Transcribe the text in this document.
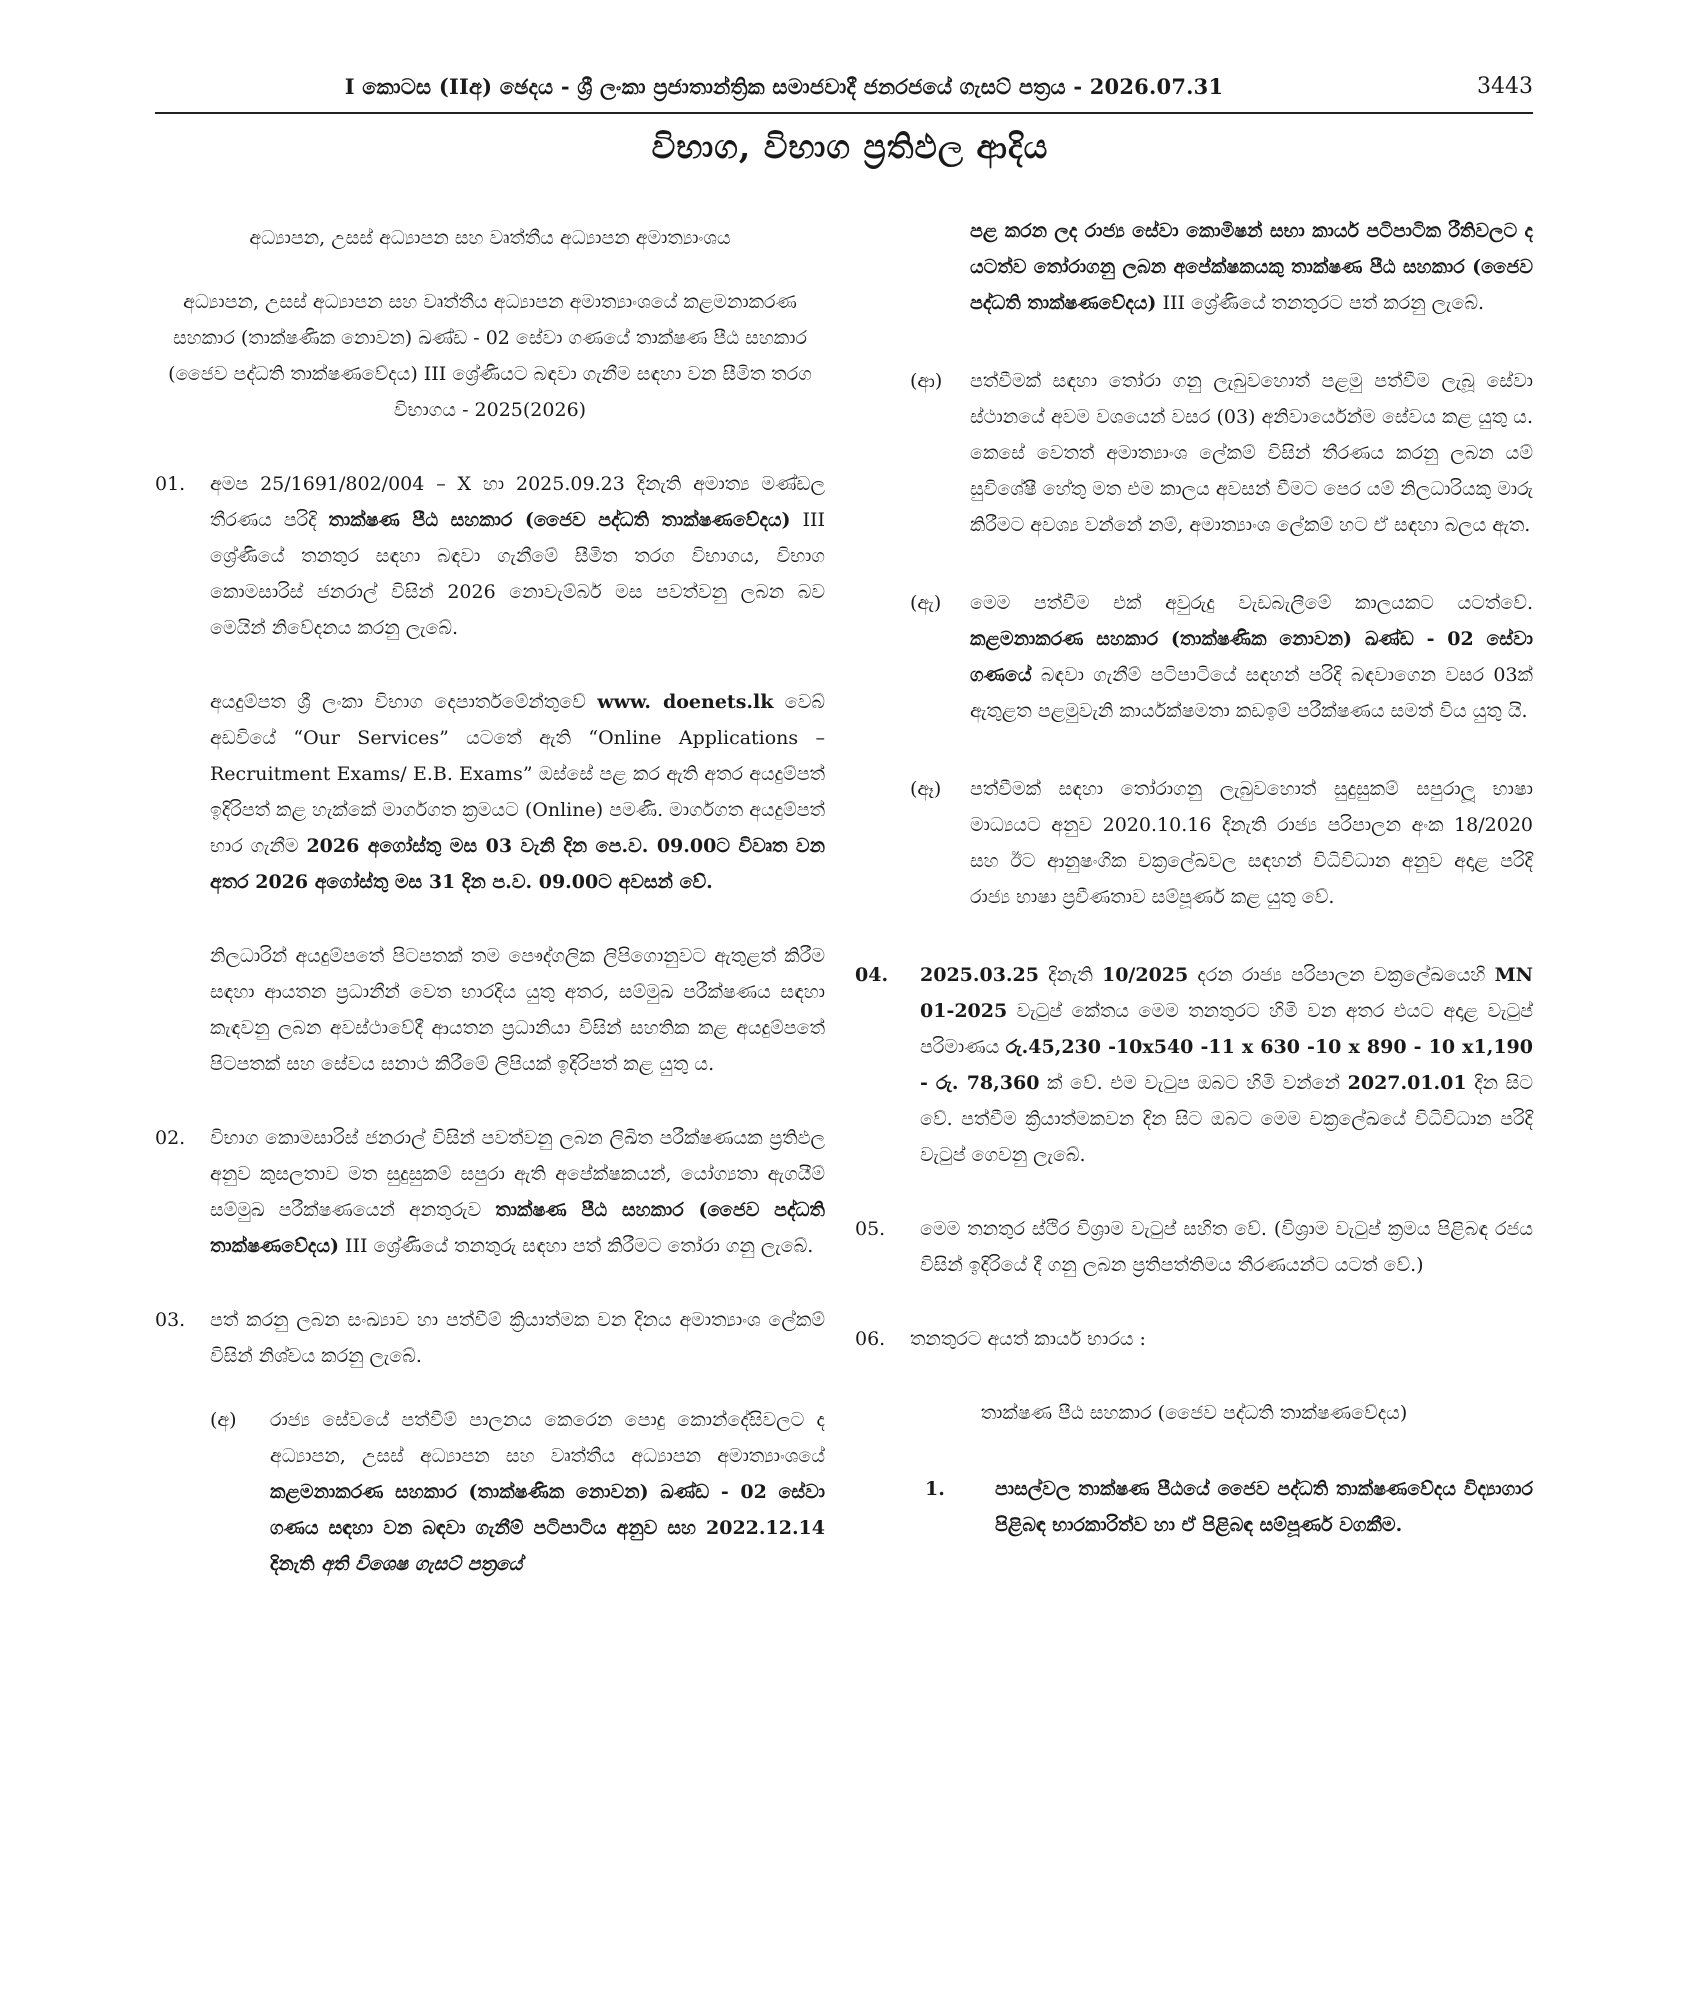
I කොටස (IIඅ) ඡෙදය - ශ්‍රී ලංකා ප්‍රජාතාන්ත්‍රික සමාජවාදී ජනරජයේ ගැසට් පත්‍රය - 2026.07.31	3443
විභාග, විභාග ප්‍රතිඵල ආදිය

අධ්‍යාපන, උසස් අධ්‍යාපන සහ වෘත්තීය අධ්‍යාපන අමාත්‍යාංශය

අධ්‍යාපන, උසස් අධ්‍යාපන සහ වෘත්තීය අධ්‍යාපන අමාත්‍යාංශයේ කළමනාකරණ සහකාර (තාක්ෂණික නොවන) ඛණ්ඩ - 02 සේවා ගණයේ තාක්ෂණ පීඨ සහකාර (ජෛව පද්ධති තාක්ෂණවේදය) III ශ්‍රේණියට බඳවා ගැනීම සඳහා වන සීමිත තරග විභාගය - 2025(2026)

01. අමප 25/1691/802/004 – X හා 2025.09.23 දිනැති අමාත්‍ය මණ්ඩල තීරණය පරිදි තාක්ෂණ පීඨ සහකාර (ජෛව පද්ධති තාක්ෂණවේදය) III ශ්‍රේණියේ තනතුර සඳහා බඳවා ගැනීමේ සීමිත තරග විභාගය, විභාග කොමසාරිස් ජනරාල් විසින් 2026 නොවැම්බර් මස පවත්වනු ලබන බව මෙයින් නිවේදනය කරනු ලැබේ.

අයදුම්පත ශ්‍රී ලංකා විභාග දෙපාර්තමේන්තුවේ www. doenets.lk වෙබ් අඩවියේ “Our Services” යටතේ ඇති “Online Applications – Recruitment Exams/ E.B. Exams” ඔස්සේ පළ කර ඇති අතර අයදුම්පත් ඉදිරිපත් කළ හැක්කේ මාර්ගගත ක්‍රමයට (Online) පමණි. මාර්ගගත අයදුම්පත් භාර ගැනීම 2026 අගෝස්තු මස 03 වැනි දින පෙ.ව. 09.00ට විවෘත වන අතර 2026 අගෝස්තු මස 31 දින ප.ව. 09.00ට අවසන් වේ.

නිලධාරින් අයදුම්පතේ පිටපතක් තම පෞද්ගලික ලිපිගොනුවට ඇතුළත් කිරීම සඳහා ආයතන ප්‍රධානීන් වෙත භාරදිය යුතු අතර, සම්මුඛ පරීක්ෂණය සඳහා කැඳවනු ලබන අවස්ථාවේදී ආයතන ප්‍රධානියා විසින් සහතික කළ අයදුම්පතේ පිටපතක් සහ සේවය සනාථ කිරීමේ ලිපියක් ඉදිරිපත් කළ යුතු ය.

02. විභාග කොමසාරිස් ජනරාල් විසින් පවත්වනු ලබන ලිඛිත පරීක්ෂණයක ප්‍රතිඵල අනුව කුසලතාව මත සුදුසුකම් සපුරා ඇති අපේක්ෂකයන්, යෝග්‍යතා ඇගයීම් සම්මුඛ පරීක්ෂණයෙන් අනතුරුව තාක්ෂණ පීඨ සහකාර (ජෛව පද්ධති තාක්ෂණවේදය) III ශ්‍රේණියේ තනතුරු සඳහා පත් කිරීමට තෝරා ගනු ලැබේ.
03. පත් කරනු ලබන සංඛ්‍යාව හා පත්වීම් ක්‍රියාත්මක වන දිනය අමාත්‍යාංශ ලේකම් විසින් නිශ්චය කරනු ලැබේ.
(අ) රාජ්‍ය සේවයේ පත්වීම් පාලනය කෙරෙන පොදු කොන්දේසිවලට ද අධ්‍යාපන, උසස් අධ්‍යාපන සහ වෘත්තීය අධ්‍යාපන අමාත්‍යාංශයේ කළමනාකරණ සහකාර (තාක්ෂණික නොවන) ඛණ්ඩ - 02 සේවා ගණය සඳහා වන බඳවා ගැනීම් පටිපාටිය අනුව සහ 2022.12.14 දිනැති අති විශෙෂ ගැසට් පත්‍රයේ

පළ කරන ලද රාජ්‍ය සේවා කොමිෂන් සභා කාර්ය පටිපාටික රීතිවලට ද යටත්ව තෝරාගනු ලබන අපේක්ෂකයකු තාක්ෂණ පීඨ සහකාර (ජෛව පද්ධති තාක්ෂණවේදය) III ශ්‍රේණියේ තනතුරට පත් කරනු ලැබේ.

(ආ) පත්වීමක් සඳහා තෝරා ගනු ලැබුවහොත් පළමු පත්වීම ලැබූ සේවා ස්ථානයේ අවම වශයෙන් වසර (03) අනිවාර්යෙන්ම සේවය කළ යුතු ය. කෙසේ වෙතත් අමාත්‍යාංශ ලේකම් විසින් තීරණය කරනු ලබන යම් සුවිශේෂී හේතු මත එම කාලය අවසන් වීමට පෙර යම් නිලධාරියකු මාරු කිරීමට අවශ්‍ය වන්නේ නම්, අමාත්‍යාංශ ලේකම් හට ඒ සඳහා බලය ඇත.
(ඇ) මෙම පත්වීම එක් අවුරුදු වැඩබැලීමේ කාලයකට යටත්වේ. කළමනාකරණ සහකාර (තාක්ෂණික නොවන) ඛණ්ඩ - 02 සේවා ගණයේ බඳවා ගැනීම් පටිපාටියේ සඳහන් පරිදි බඳවාගෙන වසර 03ක් ඇතුළත පළමුවැනි කාර්යක්ෂමතා කඩඉම් පරීක්ෂණය සමත් විය යුතු යි.
(ඈ) පත්වීමක් සඳහා තෝරාගනු ලැබුවහොත් සුදුසුකම් සපුරාලූ භාෂා මාධ්‍යයට අනුව 2020.10.16 දිනැති රාජ්‍ය පරිපාලන අංක 18/2020 සහ ඊට ආනුෂංගික චක්‍රලේඛවල සඳහන් විධිවිධාන අනුව අදාළ පරිදි රාජ්‍ය භාෂා ප්‍රවීණතාව සම්පූර්ණ කළ යුතු වේ.
04. 2025.03.25 දිනැති 10/2025 දරන රාජ්‍ය පරිපාලන චක්‍රලේඛයෙහි MN 01-2025 වැටුප් කේතය මෙම තනතුරට හිමි වන අතර එයට අදාළ වැටුප් පරිමාණය රු.45,230 -10x540 -11 x 630 -10 x 890 - 10 x1,190 - රු. 78,360 ක් වේ. එම වැටුප ඔබට හිමි වන්නේ 2027.01.01 දින සිට වේ. පත්වීම ක්‍රියාත්මකවන දින සිට ඔබට මෙම චක්‍රලේඛයේ විධිවිධාන පරිදි වැටුප් ගෙවනු ලැබේ.
05. මෙම තනතුර ස්ථිර විශ්‍රාම වැටුප් සහිත වේ. (විශ්‍රාම වැටුප් ක්‍රමය පිළිබඳ රජය විසින් ඉදිරියේ දී ගනු ලබන ප්‍රතිපත්තිමය තීරණයන්ට යටත් වේ.)
06. තනතුරට අයත් කාර්ය භාරය :

තාක්ෂණ පීඨ සහකාර (ජෛව පද්ධති තාක්ෂණවේදය)

1.	පාසල්වල තාක්ෂණ පීඨයේ ජෛව පද්ධති තාක්ෂණවේදය විද්‍යාගාර පිළිබඳ භාරකාරිත්ව හා ඒ පිළිබඳ සම්පූර්ණ වගකීම.
